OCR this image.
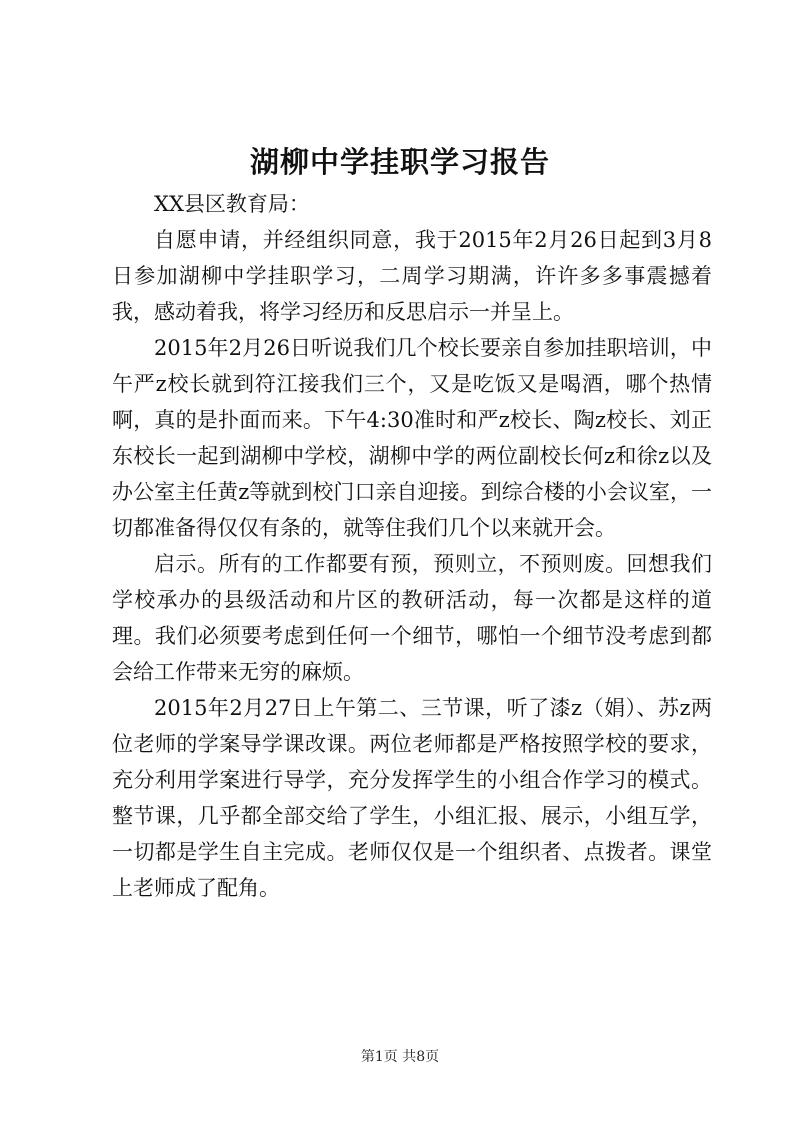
湖柳中学挂职学习报告

XX县区教育局：

自愿申请，并经组织同意，我于2015年2月26日起到3月8日参加湖柳中学挂职学习，二周学习期满，许许多多事震撼着我，感动着我，将学习经历和反思启示一并呈上。

2015年2月26日听说我们几个校长要亲自参加挂职培训，中午严z校长就到符江接我们三个，又是吃饭又是喝酒，哪个热情啊，真的是扑面而来。下午4:30准时和严z校长、陶z校长、刘正东校长一起到湖柳中学校，湖柳中学的两位副校长何z和徐z以及办公室主任黄z等就到校门口亲自迎接。到综合楼的小会议室，一切都准备得仅仅有条的，就等住我们几个以来就开会。

启示。所有的工作都要有预，预则立，不预则废。回想我们学校承办的县级活动和片区的教研活动，每一次都是这样的道理。我们必须要考虑到任何一个细节，哪怕一个细节没考虑到都会给工作带来无穷的麻烦。

2015年2月27日上午第二、三节课，听了漆z（娟）、苏z两位老师的学案导学课改课。两位老师都是严格按照学校的要求，充分利用学案进行导学，充分发挥学生的小组合作学习的模式。整节课，几乎都全部交给了学生，小组汇报、展示，小组互学，一切都是学生自主完成。老师仅仅是一个组织者、点拨者。课堂上老师成了配角。

第1页 共8页
